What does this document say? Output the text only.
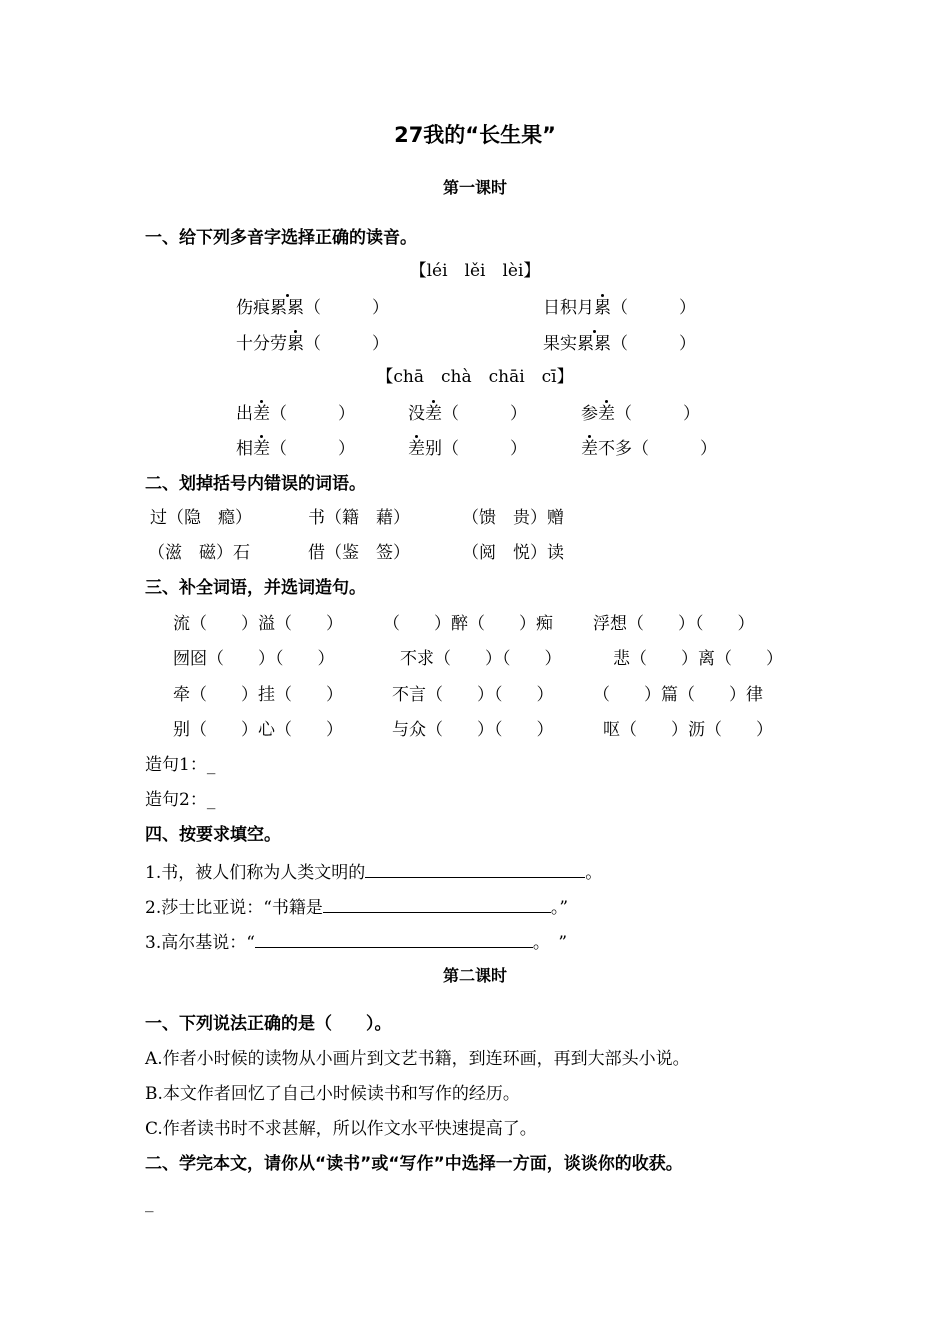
27我的“长生果”
第一课时
一、给下列多音字选择正确的读音。
【léi　lěi　lèi】
伤痕累累（　　　）	日积月累（　　　）
十分劳累（　　　）	果实累累（　　　）
【chā　chà　chāi　cī】
出差（　　　）	没差（　　　）	参差（　　　）
相差（　　　）	差别（　　　）	差不多（　　　）
二、划掉括号内错误的词语。
过（隐　瘾）	书（籍　藉）	（馈　贵）赠
（滋　磁）石	借（鉴　签）	（阅　悦）读
三、补全词语，并选词造句。
流（　　）溢（　　） （　　）醉（　　）痴 浮想（　　）（　　）
囫囵（　　）（　　）	不求（　　）（　　）	悲（　　）离（　　）
牵（　　）挂（　　）	不言（　　）（　　） （　　）篇（　　）律
别（　　）心（　　）	与众（　　）（　　）	呕（　　）沥（　　）
造句1：_
造句2：_
四、按要求填空。
1.书，被人们称为人类文明的	。
2.莎士比亚说：“书籍是	。”
3.高尔基说：“	。　”
第二课时
一、下列说法正确的是（　　）。
A.作者小时候的读物从小画片到文艺书籍，到连环画，再到大部头小说。
B.本文作者回忆了自己小时候读书和写作的经历。
C.作者读书时不求甚解，所以作文水平快速提高了。
二、学完本文，请你从“读书”或“写作”中选择一方面，谈谈你的收获。
_
